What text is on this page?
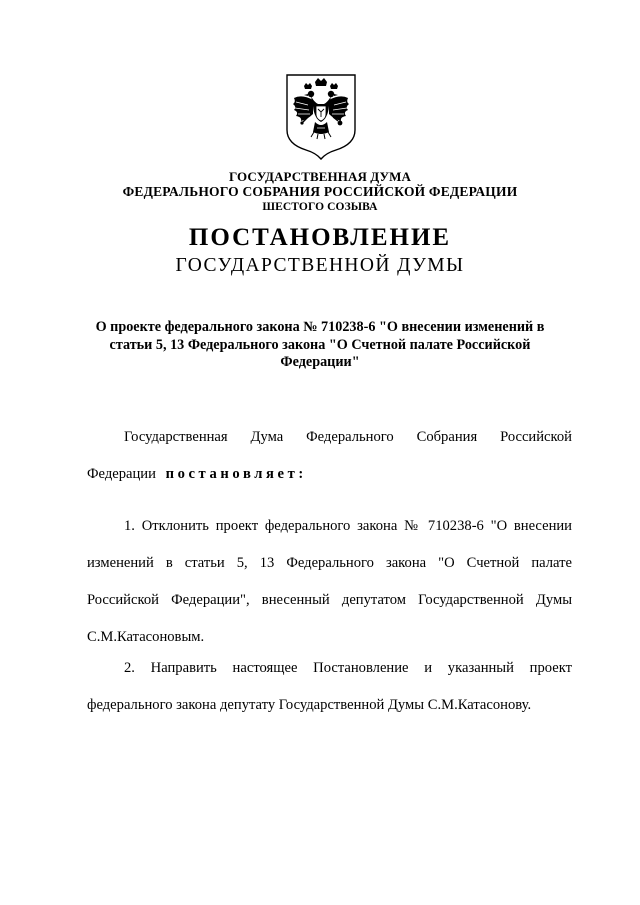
ГОСУДАРСТВЕННАЯ ДУМА
ФЕДЕРАЛЬНОГО СОБРАНИЯ РОССИЙСКОЙ ФЕДЕРАЦИИ
ШЕСТОГО СОЗЫВА
ПОСТАНОВЛЕНИЕ
ГОСУДАРСТВЕННОЙ ДУМЫ
О проекте федерального закона № 710238-6 "О внесении изменений в
статьи 5, 13 Федерального закона "О Счетной палате Российской
Федерации"
Государственная Дума Федерального Собрания Российской
Федерации постановляет:
1. Отклонить проект федерального закона № 710238-6 "О внесении
изменений в статьи 5, 13 Федерального закона "О Счетной палате
Российской Федерации", внесенный депутатом Государственной Думы
С.М.Катасоновым.
2. Направить настоящее Постановление и указанный проект
федерального закона депутату Государственной Думы С.М.Катасонову.
